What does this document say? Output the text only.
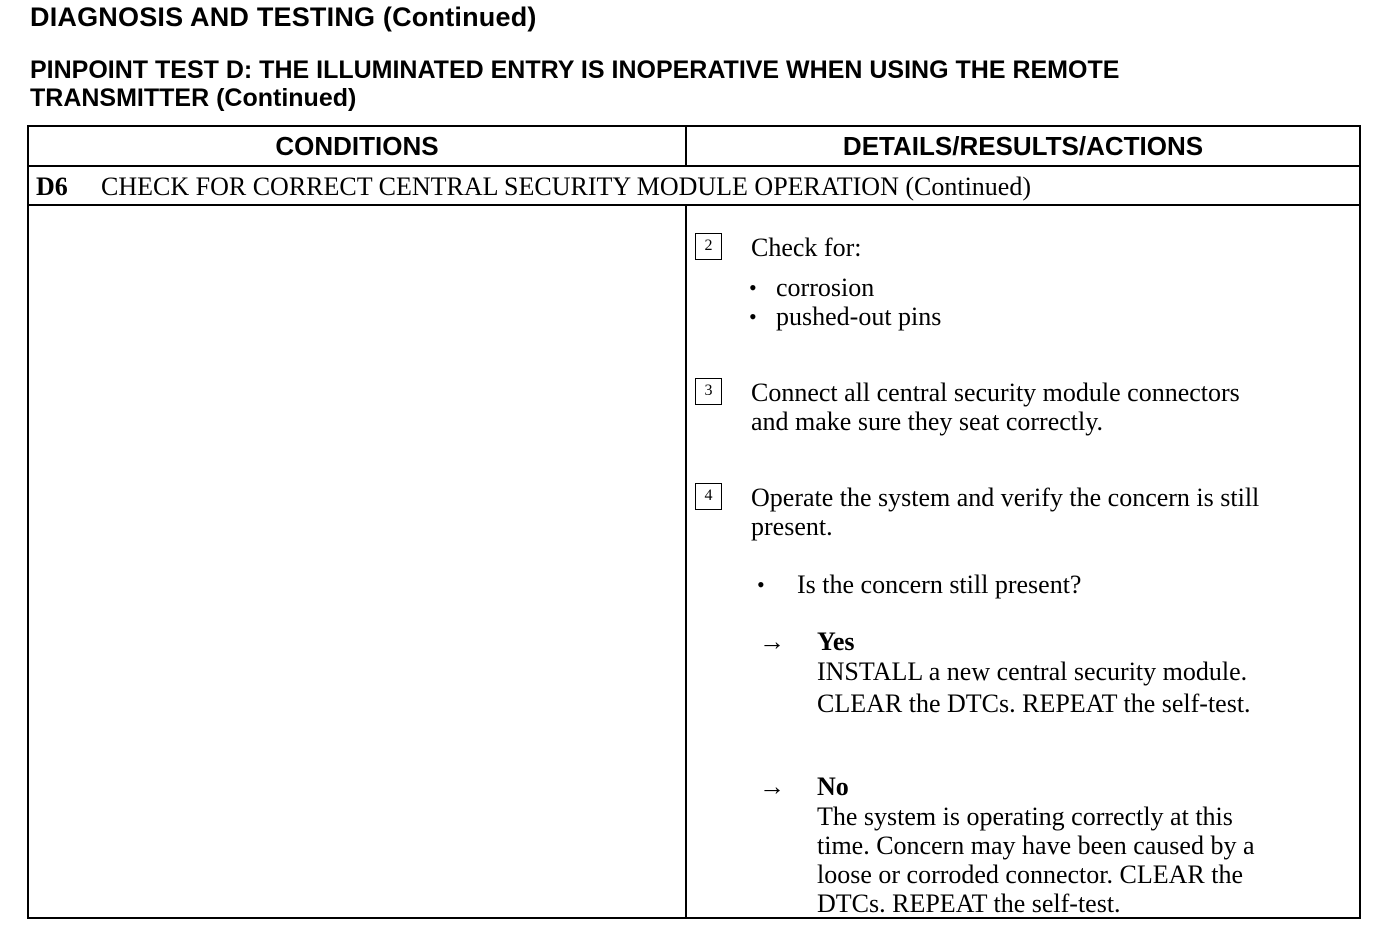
DIAGNOSIS AND TESTING (Continued)
PINPOINT TEST D: THE ILLUMINATED ENTRY IS INOPERATIVE WHEN USING THE REMOTE
TRANSMITTER (Continued)
CONDITIONS	DETAILS/RESULTS/ACTIONS
D6 CHECK FOR CORRECT CENTRAL SECURITY MODULE OPERATION (Continued)
2	Check for:
• corrosion
• pushed-out pins
3	Connect all central security module connectors
and make sure they seat correctly.
4	Operate the system and verify the concern is still
present.
• Is the concern still present?
→ Yes
INSTALL a new central security module.
CLEAR the DTCs. REPEAT the self-test.
→ No
The system is operating correctly at this
time. Concern may have been caused by a
loose or corroded connector. CLEAR the
DTCs. REPEAT the self-test.
